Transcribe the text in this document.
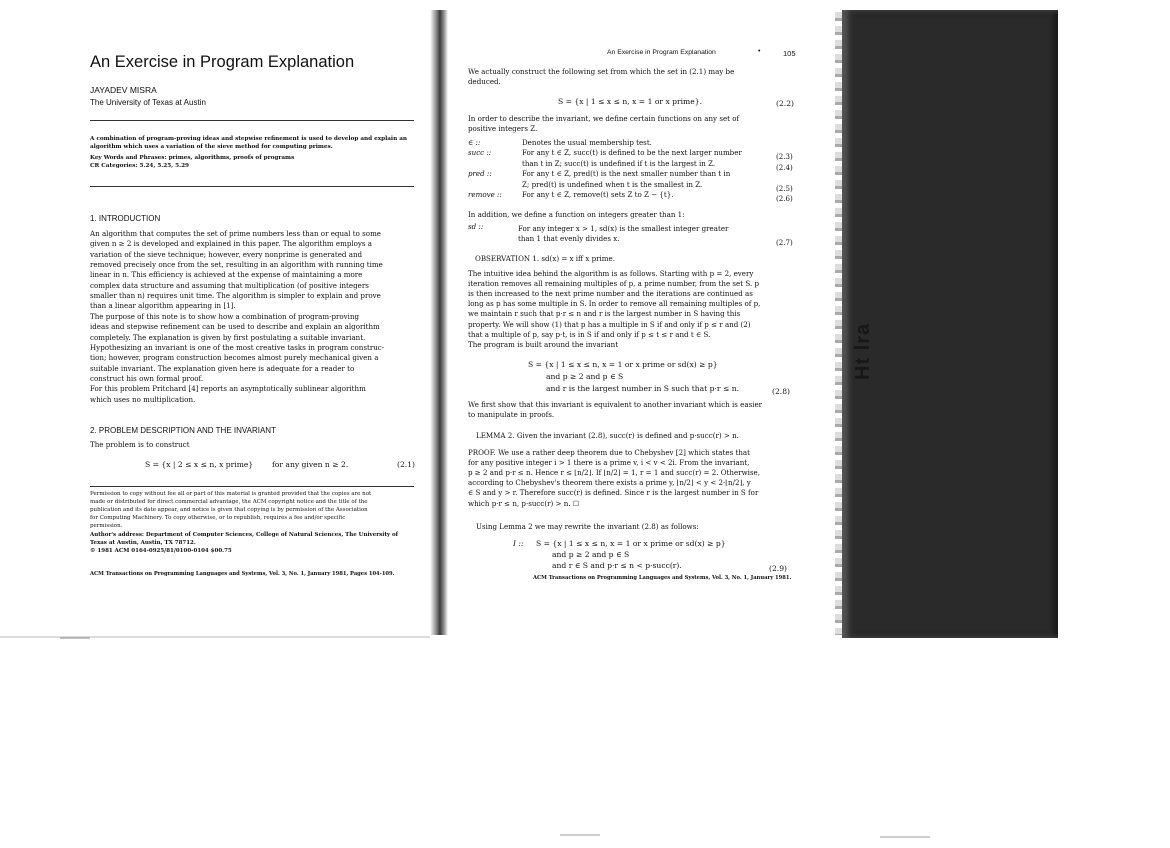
Ht lra
An Exercise in Program Explanation
JAYADEV MISRA
The University of Texas at Austin
A combination of program-proving ideas and stepwise refinement is used to develop and explain an
algorithm which uses a variation of the sieve method for computing primes.
Key Words and Phrases: primes, algorithms, proofs of programs
CR Categories: 5.24, 5.25, 5.29
1. INTRODUCTION
An algorithm that computes the set of prime numbers less than or equal to some
given n ≥ 2 is developed and explained in this paper. The algorithm employs a
variation of the sieve technique; however, every nonprime is generated and
removed precisely once from the set, resulting in an algorithm with running time
linear in n. This efficiency is achieved at the expense of maintaining a more
complex data structure and assuming that multiplication (of positive integers
smaller than n) requires unit time. The algorithm is simpler to explain and prove
than a linear algorithm appearing in [1].
The purpose of this note is to show how a combination of program-proving
ideas and stepwise refinement can be used to describe and explain an algorithm
completely. The explanation is given by first postulating a suitable invariant.
Hypothesizing an invariant is one of the most creative tasks in program construc-
tion; however, program construction becomes almost purely mechanical given a
suitable invariant. The explanation given here is adequate for a reader to
construct his own formal proof.
For this problem Pritchard [4] reports an asymptotically sublinear algorithm
which uses no multiplication.
2. PROBLEM DESCRIPTION AND THE INVARIANT
The problem is to construct
S = {x | 2 ≤ x ≤ n, x prime} for any given n ≥ 2.	(2.1)
Permission to copy without fee all or part of this material is granted provided that the copies are not
made or distributed for direct commercial advantage, the ACM copyright notice and the title of the
publication and its date appear, and notice is given that copying is by permission of the Association
for Computing Machinery. To copy otherwise, or to republish, requires a fee and/or specific
permission.
Author's address: Department of Computer Sciences, College of Natural Sciences, The University of
Texas at Austin, Austin, TX 78712.
© 1981 ACM 0164-0925/81/0100-0104 $00.75
ACM Transactions on Programming Languages and Systems, Vol. 3, No. 1, January 1981, Pages 104-109.
An Exercise in Program Explanation	•	105
We actually construct the following set from which the set in (2.1) may be
deduced.
S = {x | 1 ≤ x ≤ n, x = 1 or x prime}.	(2.2)
In order to describe the invariant, we define certain functions on any set of
positive integers Z.
∈ ::	Denotes the usual membership test.
succ ::	For any t ∈ Z, succ(t) is defined to be the next larger number	(2.3)
than t in Z; succ(t) is undefined if t is the largest in Z.	(2.4)
pred ::	For any t ∈ Z, pred(t) is the next smaller number than t in
Z; pred(t) is undefined when t is the smallest in Z.	(2.5)
remove ::	For any t ∈ Z, remove(t) sets Z to Z − {t}.	(2.6)
In addition, we define a function on integers greater than 1:
sd ::	For any integer x > 1, sd(x) is the smallest integer greater
than 1 that evenly divides x.	(2.7)
OBSERVATION 1. sd(x) = x iff x prime.
The intuitive idea behind the algorithm is as follows. Starting with p = 2, every
iteration removes all remaining multiples of p, a prime number, from the set S. p
is then increased to the next prime number and the iterations are continued as
long as p has some multiple in S. In order to remove all remaining multiples of p,
we maintain r such that p·r ≤ n and r is the largest number in S having this
property. We will show (1) that p has a multiple in S if and only if p ≤ r and (2)
that a multiple of p, say p·t, is in S if and only if p ≤ t ≤ r and t ∈ S.
The program is built around the invariant
S = {x | 1 ≤ x ≤ n, x = 1 or x prime or sd(x) ≥ p}
and p ≥ 2 and p ∈ S
and r is the largest number in S such that p·r ≤ n.	(2.8)
We first show that this invariant is equivalent to another invariant which is easier
to manipulate in proofs.
LEMMA 2. Given the invariant (2.8), succ(r) is defined and p·succ(r) > n.
PROOF. We use a rather deep theorem due to Chebyshev [2] which states that
for any positive integer i > 1 there is a prime v, i < v < 2i. From the invariant,
p ≥ 2 and p·r ≤ n. Hence r ≤ ⌊n/2⌋. If ⌊n/2⌋ = 1, r = 1 and succ(r) = 2. Otherwise,
according to Chebyshev's theorem there exists a prime y, ⌊n/2⌋ < y < 2·⌊n/2⌋, y
∈ S and y > r. Therefore succ(r) is defined. Since r is the largest number in S for
which p·r ≤ n, p·succ(r) > n. ☐
Using Lemma 2 we may rewrite the invariant (2.8) as follows:
I :: S = {x | 1 ≤ x ≤ n, x = 1 or x prime or sd(x) ≥ p}
and p ≥ 2 and p ∈ S
and r ∈ S and p·r ≤ n < p·succ(r).	(2.9)
ACM Transactions on Programming Languages and Systems, Vol. 3, No. 1, January 1981.
